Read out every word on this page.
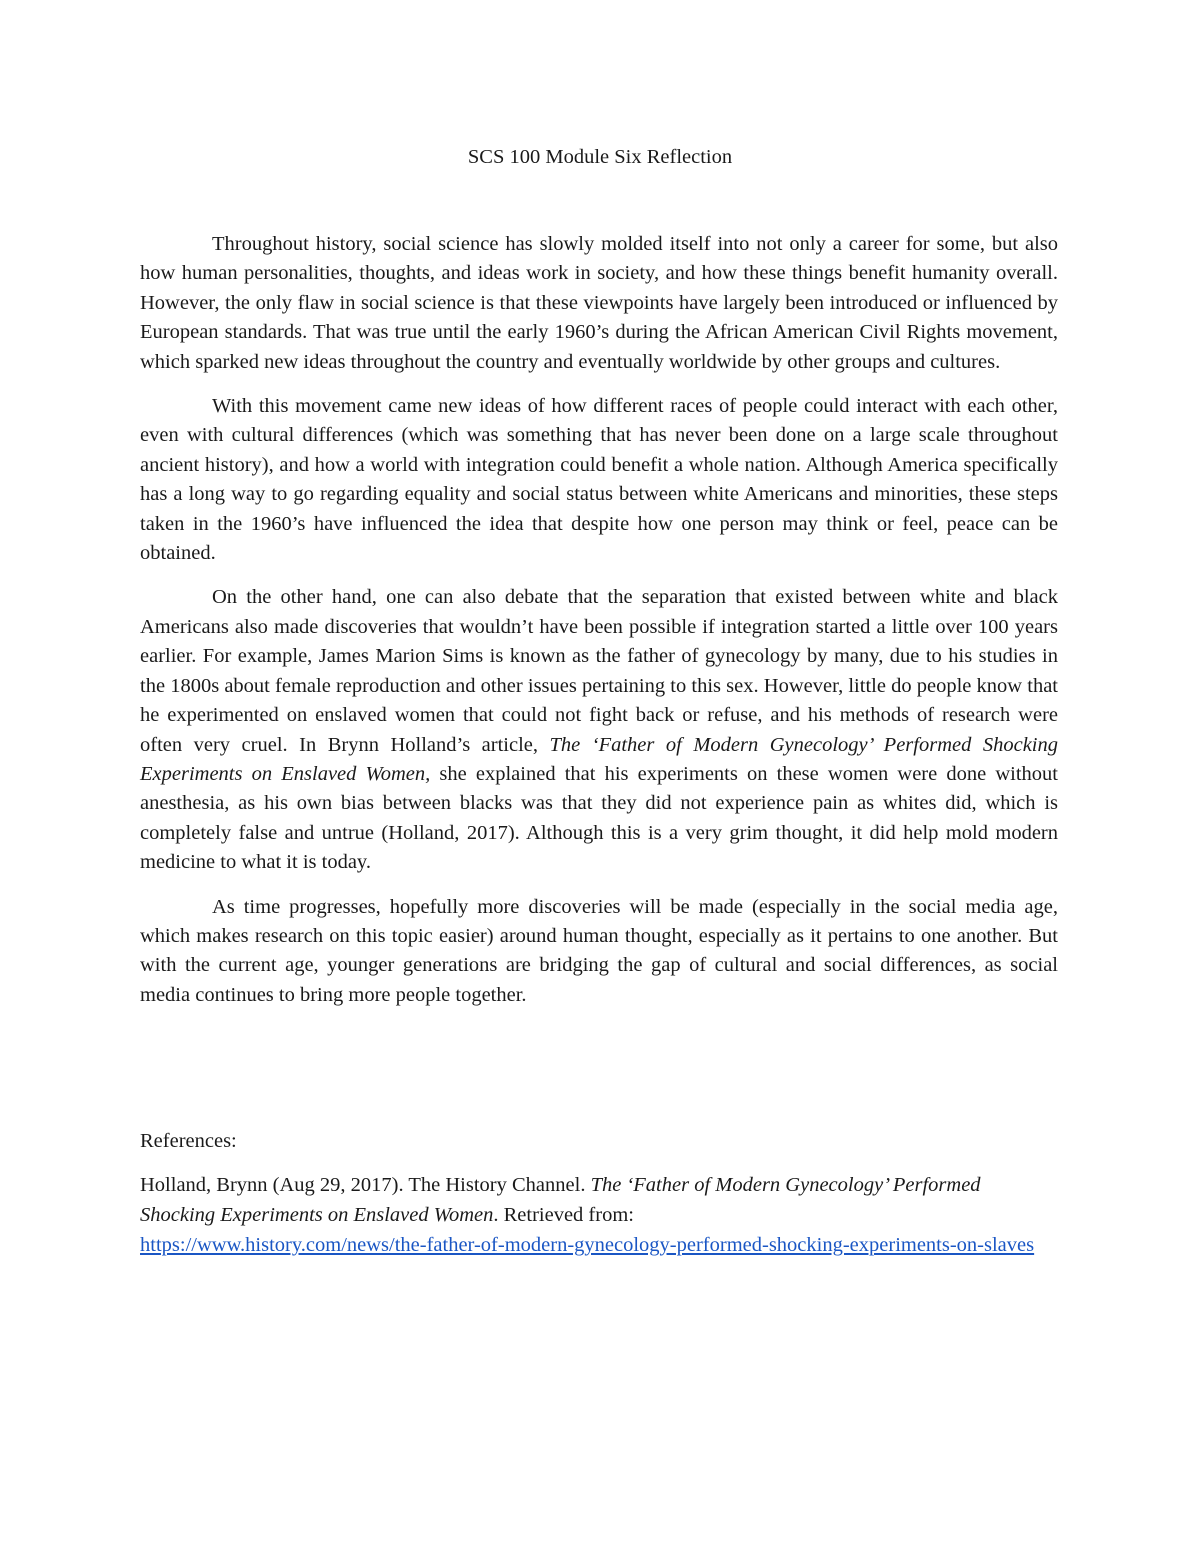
SCS 100 Module Six Reflection

Throughout history, social science has slowly molded itself into not only a career for some, but also how human personalities, thoughts, and ideas work in society, and how these things benefit humanity overall. However, the only flaw in social science is that these viewpoints have largely been introduced or influenced by European standards. That was true until the early 1960’s during the African American Civil Rights movement, which sparked new ideas throughout the country and eventually worldwide by other groups and cultures.

With this movement came new ideas of how different races of people could interact with each other, even with cultural differences (which was something that has never been done on a large scale throughout ancient history), and how a world with integration could benefit a whole nation. Although America specifically has a long way to go regarding equality and social status between white Americans and minorities, these steps taken in the 1960’s have influenced the idea that despite how one person may think or feel, peace can be obtained.

On the other hand, one can also debate that the separation that existed between white and black Americans also made discoveries that wouldn’t have been possible if integration started a little over 100 years earlier. For example, James Marion Sims is known as the father of gynecology by many, due to his studies in the 1800s about female reproduction and other issues pertaining to this sex. However, little do people know that he experimented on enslaved women that could not fight back or refuse, and his methods of research were often very cruel. In Brynn Holland’s article, The ‘Father of Modern Gynecology’ Performed Shocking Experiments on Enslaved Women, she explained that his experiments on these women were done without anesthesia, as his own bias between blacks was that they did not experience pain as whites did, which is completely false and untrue (Holland, 2017). Although this is a very grim thought, it did help mold modern medicine to what it is today.

As time progresses, hopefully more discoveries will be made (especially in the social media age, which makes research on this topic easier) around human thought, especially as it pertains to one another. But with the current age, younger generations are bridging the gap of cultural and social differences, as social media continues to bring more people together.

References:

Holland, Brynn (Aug 29, 2017). The History Channel. The ‘Father of Modern Gynecology’ Performed Shocking Experiments on Enslaved Women. Retrieved from:
https://www.history.com/news/the-father-of-modern-gynecology-performed-shocking-experiments-on-slaves
